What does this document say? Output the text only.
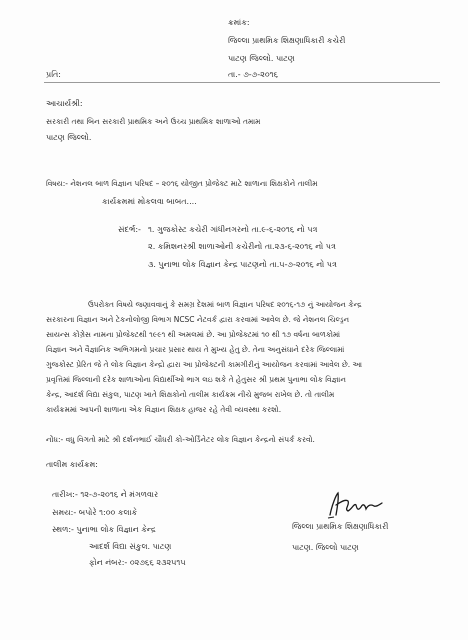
ક્રમાંક:
જિલ્લા પ્રાથમિક શિક્ષણાધિકારી કચેરી
પાટણ જિલ્લો. પાટણ
પ્રતિ:	તા.- ૭-૭-૨૦૧૬
આચાર્યશ્રી:
સરકારી તથા બિન સરકારી પ્રાથમિક અને ઉચ્ચ પ્રાથમિક શાળાઓ તમામ
પાટણ જિલ્લો.
વિષય:- નેશનલ બાળ વિજ્ઞાન પરિષદ – ૨૦૧૬ યોજીત પ્રોજેક્ટ માટે શાળાના શિક્ષકોને તાલીમ
કાર્યક્રમમાં મોકલવા બાબત....
સંદર્ભ:- ૧. ગુજકોસ્ટ કચેરી ગાંધીનગરનો તા.૯-૬-૨૦૧૬ નો પત્ર
૨. કમિશનરશ્રી શાળાઓની કચેરીનો તા.૨૩-૬-૨૦૧૬ નો પત્ર
૩. પુનાભા લોક વિજ્ઞાન કેન્દ્ર પાટણનો તા.૫-૭-૨૦૧૬ નો પત્ર
ઉપરોક્ત વિષયે જણાવવાનું કે સમગ્ર દેશમાં બાળ વિજ્ઞાન પરિષદ ૨૦૧૬-૧૭ નું આયોજન કેન્દ્ર
સરકારના વિજ્ઞાન અને ટેકનોલોજી વિભાગ NCSC નેટવર્ક દ્વારા કરવામાં આવેલ છે. જે નેશનલ ચિલ્ડ્રન
સાયન્સ કોંગ્રેસ નામના પ્રોજેક્ટથી ૧૯૯૧ થી અમલમાં છે. આ પ્રોજેક્ટમાં ૧૦ થી ૧૭ વર્ષના બાળકોમાં
વિજ્ઞાન અને વૈજ્ઞાનિક અભિગમનો પ્રચાર પ્રસાર થાય તે મુખ્ય હેતુ છે. તેના અનુસંધાને દરેક જિલ્લામાં
ગુજકોસ્ટ પ્રેરિત જે તે લોક વિજ્ઞાન કેન્દ્રો દ્વારા આ પ્રોજેક્ટની કામગીરીનું આયોજન કરવામાં આવેલ છે. આ
પ્રવૃત્તિમાં જિલ્લાની દરેક શાળાઓના વિદ્યાર્થીઓ ભાગ લઇ શકે તે હેતુસર શ્રી પ્રથમ પુનાભા લોક વિજ્ઞાન
કેન્દ્ર, આદર્શ વિદ્યા સંકુલ, પાટણ ખાતે શિક્ષકોનો તાલીમ કાર્યક્રમ નીચે મુજબ રાખેલ છે. તો તાલીમ
કાર્યક્રમમાં આપની શાળાના એક વિજ્ઞાન શિક્ષક હાજર રહે તેવી વ્યવસ્થા કરશો.
નોંધ:- વધુ વિગતો માટે શ્રી દર્શનભાઈ ચૌધરી કો-ઓર્ડિનેટર લોક વિજ્ઞાન કેન્દ્રનો સંપર્ક કરવો.
તાલીમ કાર્યક્રમ:
તારીખ:- ૧૨-૭-૨૦૧૬ ને મંગળવાર
સમય:- બપોરે ૧:૦૦ કલાકે
સ્થળ:- પુનાભા લોક વિજ્ઞાન કેન્દ્ર
આદર્શ વિદ્યા સંકુલ. પાટણ
ફોન નંબર:- ૦૨૭૬૬ ૨૩૨૫૧૫
જિલ્લા પ્રાથમિક શિક્ષણાધિકારી
પાટણ. જિલ્લો પાટણ
